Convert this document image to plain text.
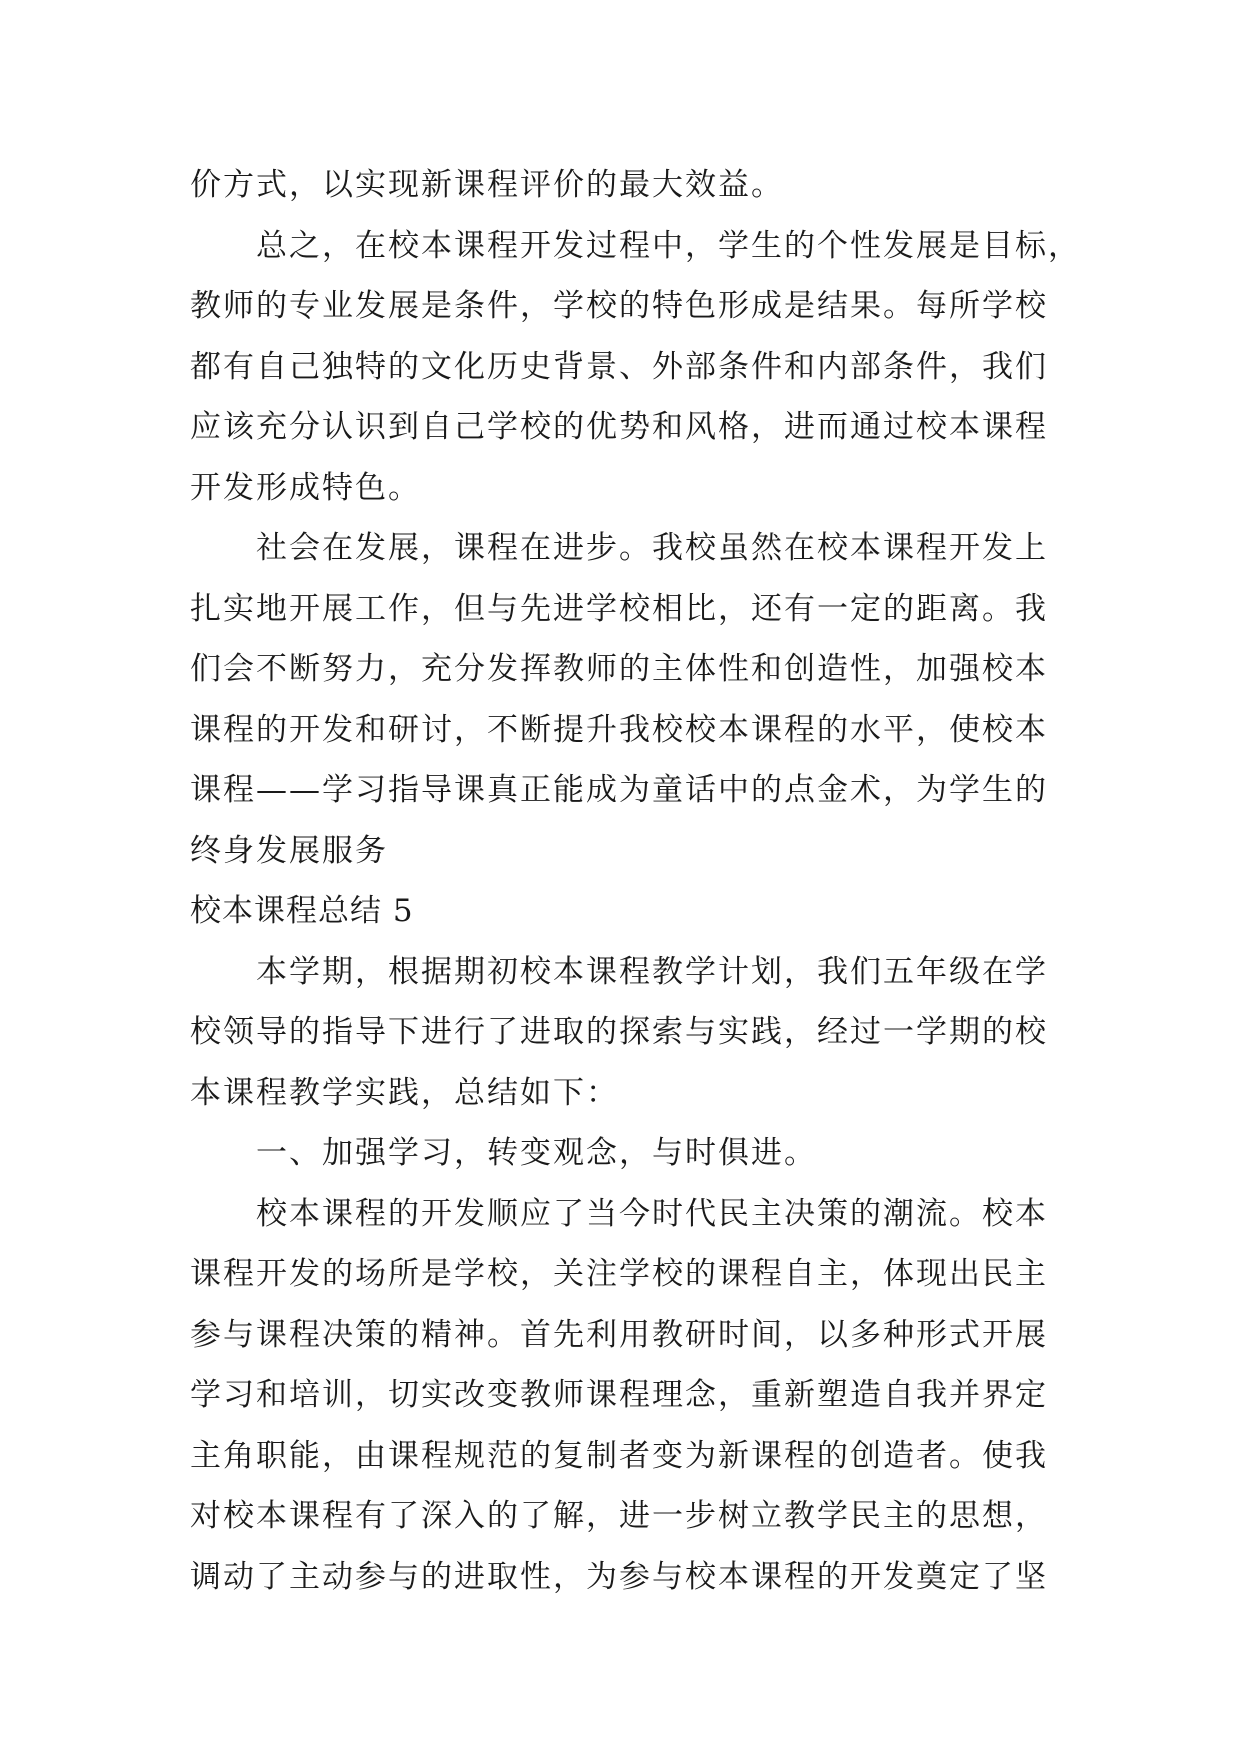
价方式，以实现新课程评价的最大效益。
总之，在校本课程开发过程中，学生的个性发展是目标，
教师的专业发展是条件，学校的特色形成是结果。每所学校
都有自己独特的文化历史背景、外部条件和内部条件，我们
应该充分认识到自己学校的优势和风格，进而通过校本课程
开发形成特色。
社会在发展，课程在进步。我校虽然在校本课程开发上
扎实地开展工作，但与先进学校相比，还有一定的距离。我
们会不断努力，充分发挥教师的主体性和创造性，加强校本
课程的开发和研讨，不断提升我校校本课程的水平，使校本
课程——学习指导课真正能成为童话中的点金术，为学生的
终身发展服务
校本课程总结 5
本学期，根据期初校本课程教学计划，我们五年级在学
校领导的指导下进行了进取的探索与实践，经过一学期的校
本课程教学实践，总结如下：
一、加强学习，转变观念，与时俱进。
校本课程的开发顺应了当今时代民主决策的潮流。校本
课程开发的场所是学校，关注学校的课程自主，体现出民主
参与课程决策的精神。首先利用教研时间，以多种形式开展
学习和培训，切实改变教师课程理念，重新塑造自我并界定
主角职能，由课程规范的复制者变为新课程的创造者。使我
对校本课程有了深入的了解，进一步树立教学民主的思想，
调动了主动参与的进取性，为参与校本课程的开发奠定了坚
